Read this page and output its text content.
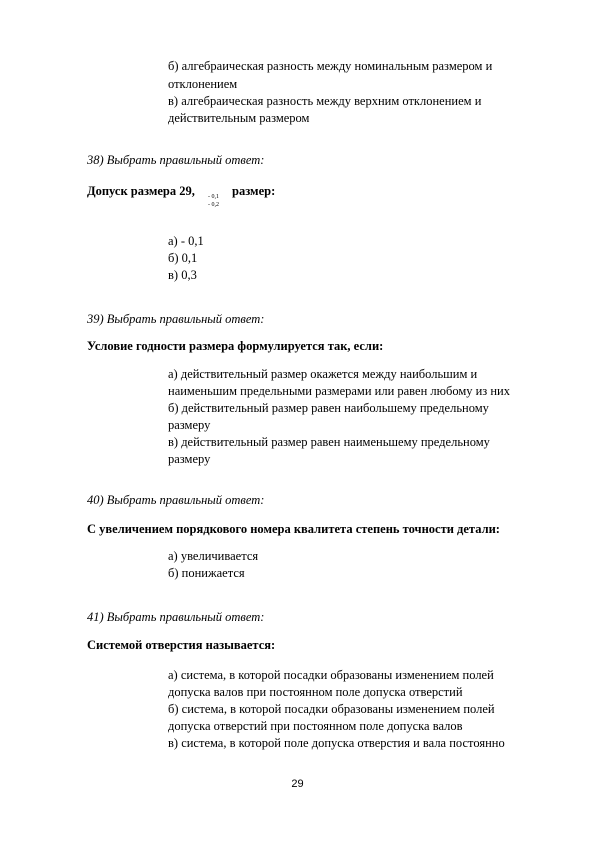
б) алгебраическая разность между номинальным размером и
отклонением
в) алгебраическая разность между верхним отклонением и
действительным размером
38) Выбрать правильный ответ:
Допуск размера 29, - 0,1
- 0,2
размер:
а) - 0,1
б) 0,1
в) 0,3
39) Выбрать правильный ответ:
Условие годности размера формулируется так, если:
а) действительный размер окажется между наибольшим и
наименьшим предельными размерами или равен любому из них
б) действительный размер равен наибольшему предельному
размеру
в) действительный размер равен наименьшему предельному
размеру
40) Выбрать правильный ответ:
С увеличением порядкового номера квалитета степень точности детали:
а) увеличивается
б) понижается
41) Выбрать правильный ответ:
Системой отверстия называется:
а) система, в которой посадки образованы изменением полей
допуска валов при постоянном поле допуска отверстий
б) система, в которой посадки образованы изменением полей
допуска отверстий при постоянном поле допуска валов
в) система, в которой поле допуска отверстия и вала постоянно
29
